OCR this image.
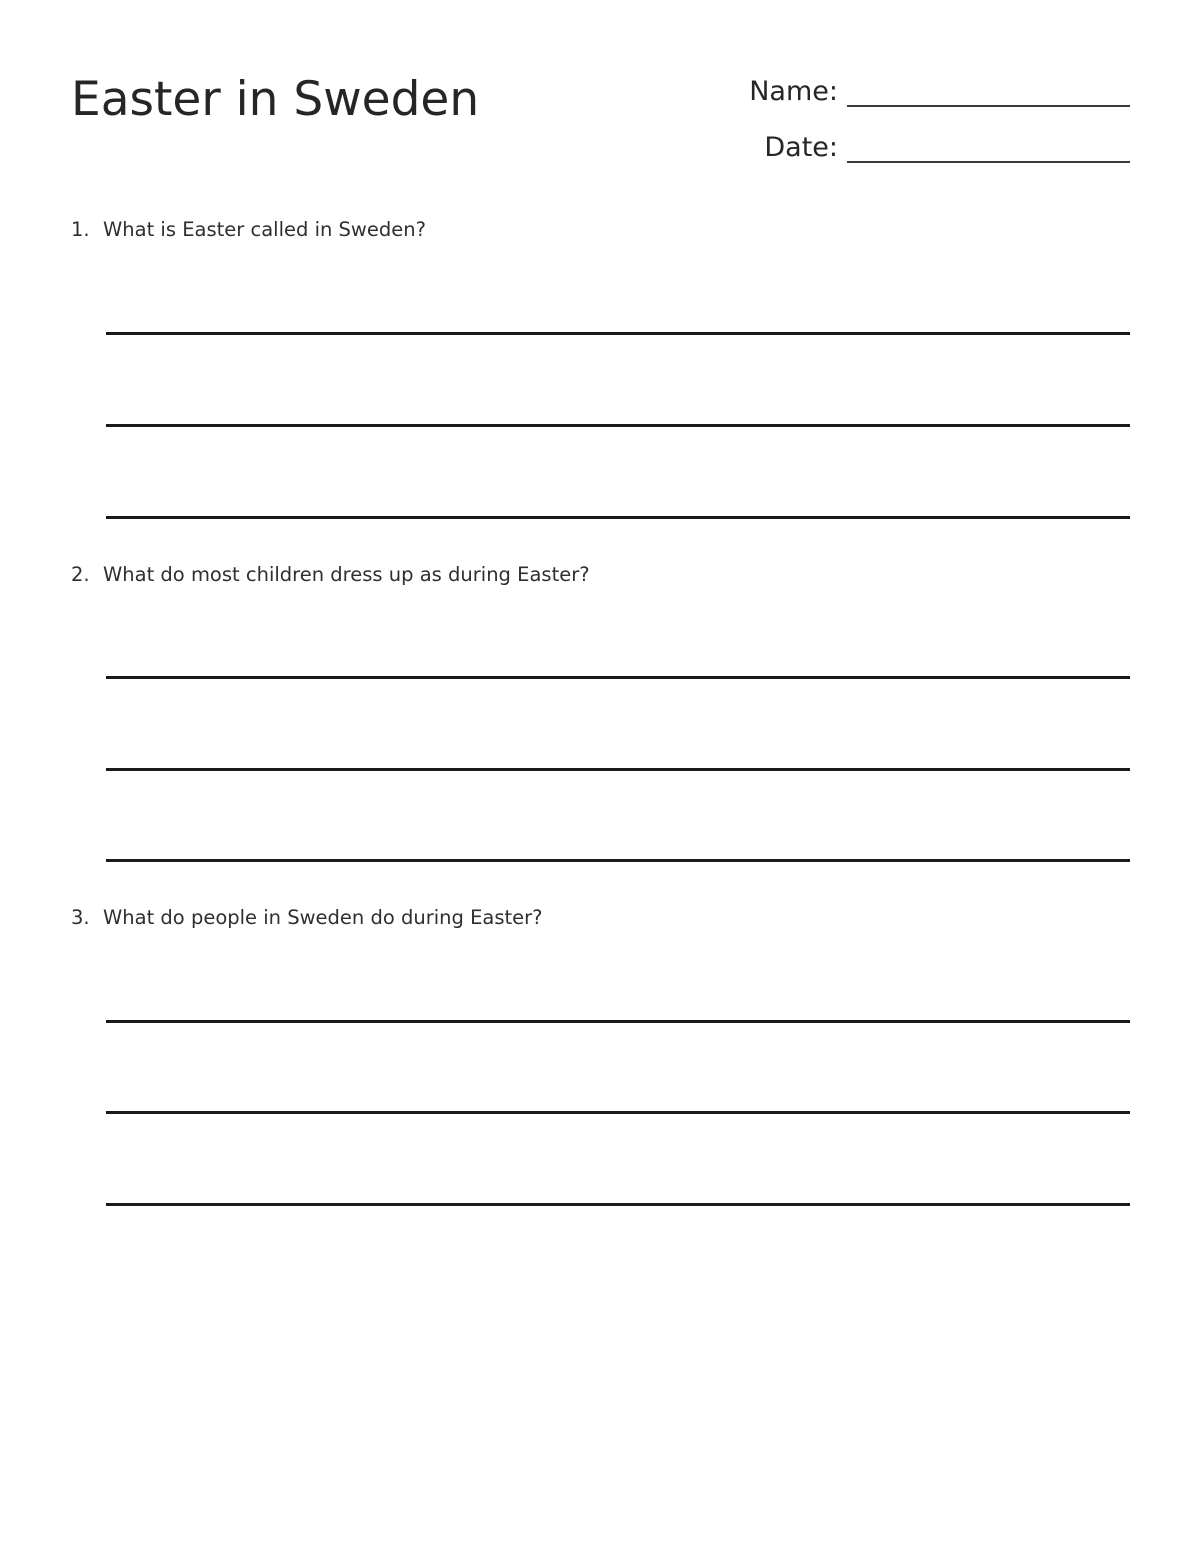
Easter in Sweden	Name:
Date:
1. What is Easter called in Sweden?
2. What do most children dress up as during Easter?
3. What do people in Sweden do during Easter?
